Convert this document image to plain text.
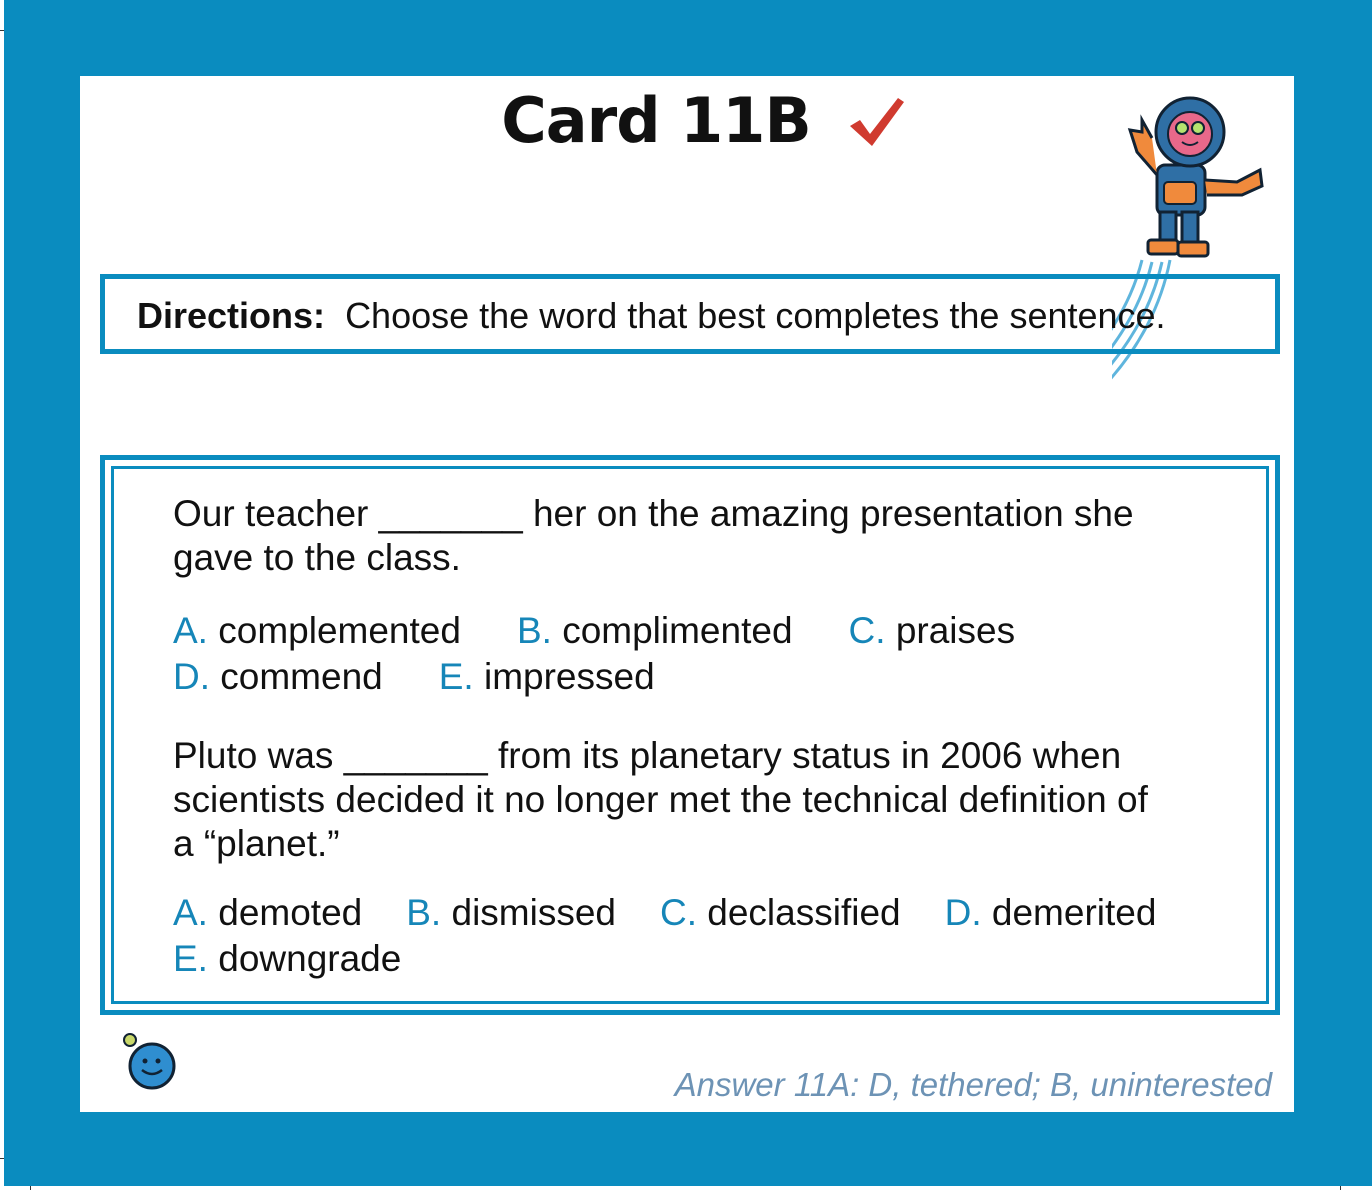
Card 11B
Directions: Choose the word that best completes the sentence.
Our teacher _______ her on the amazing presentation she
gave to the class.
A. complemented B. complimented C. praises
D. commend E. impressed
Pluto was _______ from its planetary status in 2006 when
scientists decided it no longer met the technical definition of
a “planet.”
A. demoted B. dismissed C. declassified D. demerited
E. downgrade
Answer 11A: D, tethered; B, uninterested
